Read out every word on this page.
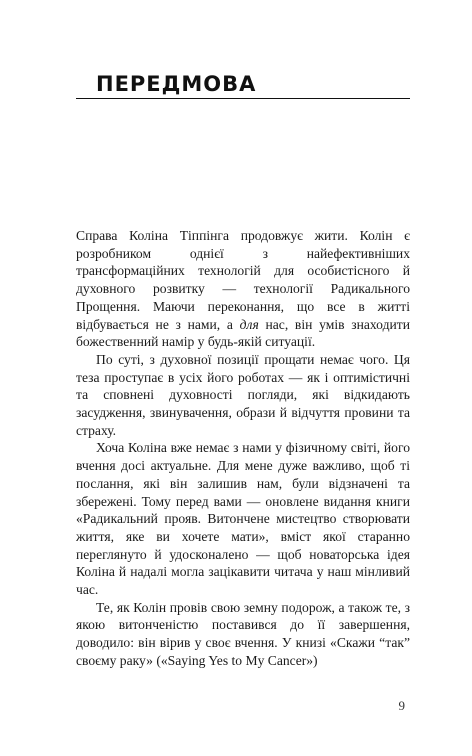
ПЕРЕДМОВА

Справа Коліна Тіппінга продовжує жити. Колін є розробником однієї з найефективніших трансформаційних технологій для особистісного й духовного розвитку — технології Радикального Прощення. Маючи переконання, що все в житті відбувається не з нами, а для нас, він умів знаходити божественний намір у будь-якій ситуації.

По суті, з духовної позиції прощати немає чого. Ця теза проступає в усіх його роботах — як і оптимістичні та сповнені духовності погляди, які відкидають засудження, звинувачення, образи й відчуття провини та страху.

Хоча Коліна вже немає з нами у фізичному світі, його вчення досі актуальне. Для мене дуже важливо, щоб ті послання, які він залишив нам, були відзначені та збережені. Тому перед вами — оновлене видання книги «Радикальний прояв. Витончене мистецтво створювати життя, яке ви хочете мати», вміст якої старанно переглянуто й удосконалено — щоб новаторська ідея Коліна й надалі могла зацікавити читача у наш мінливий час.

Те, як Колін провів свою земну подорож, а також те, з якою витонченістю поставився до її завершення, доводило: він вірив у своє вчення. У книзі «Скажи “так” своєму раку» («Saying Yes to My Cancer»)

9
